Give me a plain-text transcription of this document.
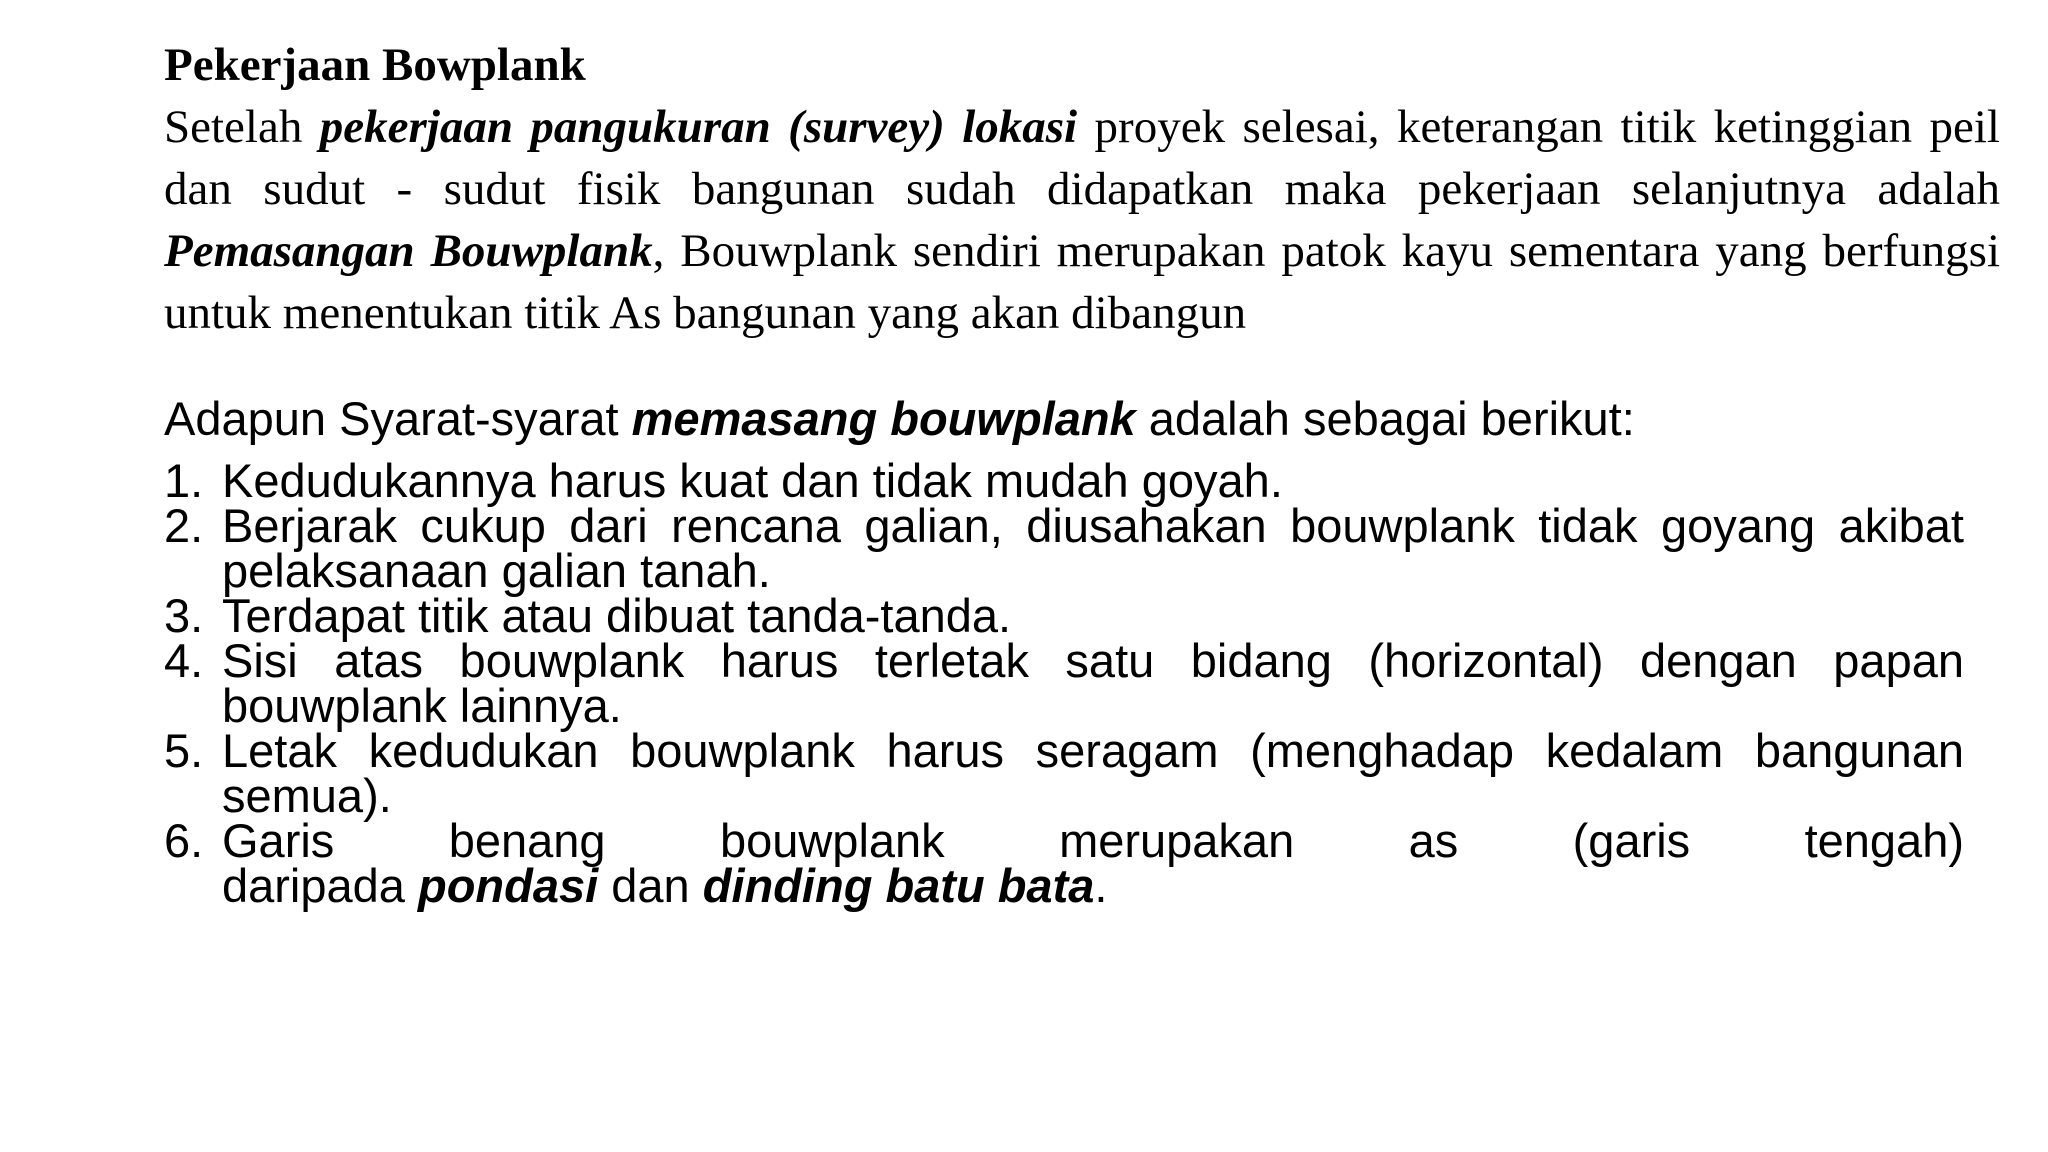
Pekerjaan Bowplank

Setelah pekerjaan pangukuran (survey) lokasi proyek selesai, keterangan titik ketinggian peil dan sudut - sudut fisik bangunan sudah didapatkan maka pekerjaan selanjutnya adalah Pemasangan Bouwplank, Bouwplank sendiri merupakan patok kayu sementara yang berfungsi untuk menentukan titik As bangunan yang akan dibangun

Adapun Syarat-syarat memasang bouwplank adalah sebagai berikut:

1. Kedudukannya harus kuat dan tidak mudah goyah.
2. Berjarak cukup dari rencana galian, diusahakan bouwplank tidak goyang akibat pelaksanaan galian tanah.
3. Terdapat titik atau dibuat tanda-tanda.
4. Sisi atas bouwplank harus terletak satu bidang (horizontal) dengan papan bouwplank lainnya.
5. Letak kedudukan bouwplank harus seragam (menghadap kedalam bangunan semua).
6. Garis benang bouwplank merupakan as (garis tengah)
daripada pondasi dan dinding batu bata.
